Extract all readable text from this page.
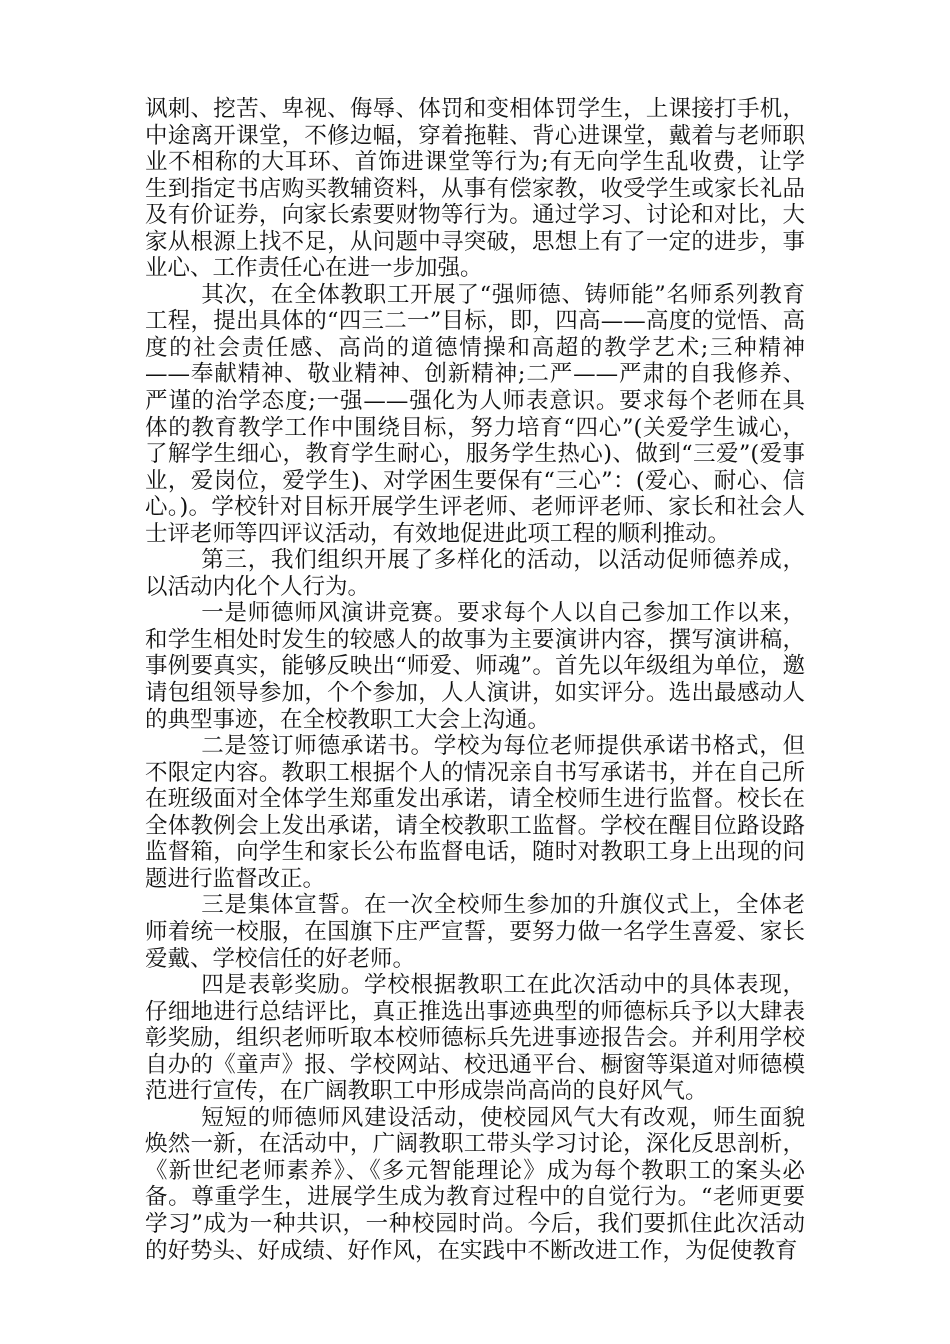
讽刺、挖苦、卑视、侮辱、体罚和变相体罚学生，上课接打手机，中途离开课堂，不修边幅，穿着拖鞋、背心进课堂，戴着与老师职业不相称的大耳环、首饰进课堂等行为;有无向学生乱收费，让学生到指定书店购买教辅资料，从事有偿家教，收受学生或家长礼品及有价证券，向家长索要财物等行为。通过学习、讨论和对比，大家从根源上找不足，从问题中寻突破，思想上有了一定的进步，事业心、工作责任心在进一步加强。

其次，在全体教职工开展了“强师德、铸师能”名师系列教育工程，提出具体的“四三二一”目标，即，四高——高度的觉悟、高度的社会责任感、高尚的道德情操和高超的教学艺术;三种精神——奉献精神、敬业精神、创新精神;二严——严肃的自我修养、严谨的治学态度;一强——强化为人师表意识。要求每个老师在具体的教育教学工作中围绕目标，努力培育“四心”(关爱学生诚心，了解学生细心，教育学生耐心，服务学生热心)、做到“三爱”(爱事业，爱岗位，爱学生)、对学困生要保有“三心”：(爱心、耐心、信心。)。学校针对目标开展学生评老师、老师评老师、家长和社会人士评老师等四评议活动，有效地促进此项工程的顺利推动。

第三，我们组织开展了多样化的活动，以活动促师德养成，以活动内化个人行为。

一是师德师风演讲竞赛。要求每个人以自己参加工作以来，和学生相处时发生的较感人的故事为主要演讲内容，撰写演讲稿，事例要真实，能够反映出“师爱、师魂”。首先以年级组为单位，邀请包组领导参加，个个参加，人人演讲，如实评分。选出最感动人的典型事迹，在全校教职工大会上沟通。

二是签订师德承诺书。学校为每位老师提供承诺书格式，但不限定内容。教职工根据个人的情况亲自书写承诺书，并在自己所在班级面对全体学生郑重发出承诺，请全校师生进行监督。校长在全体教例会上发出承诺，请全校教职工监督。学校在醒目位路设路监督箱，向学生和家长公布监督电话，随时对教职工身上出现的问题进行监督改正。

三是集体宣誓。在一次全校师生参加的升旗仪式上，全体老师着统一校服，在国旗下庄严宣誓，要努力做一名学生喜爱、家长爱戴、学校信任的好老师。

四是表彰奖励。学校根据教职工在此次活动中的具体表现，仔细地进行总结评比，真正推选出事迹典型的师德标兵予以大肆表彰奖励，组织老师听取本校师德标兵先进事迹报告会。并利用学校自办的《童声》报、学校网站、校迅通平台、橱窗等渠道对师德模范进行宣传，在广阔教职工中形成崇尚高尚的良好风气。

短短的师德师风建设活动，使校园风气大有改观，师生面貌焕然一新，在活动中，广阔教职工带头学习讨论，深化反思剖析，《新世纪老师素养》、《多元智能理论》成为每个教职工的案头必备。尊重学生，进展学生成为教育过程中的自觉行为。“老师更要学习”成为一种共识，一种校园时尚。今后，我们要抓住此次活动的好势头、好成绩、好作风，在实践中不断改进工作，为促使教育
